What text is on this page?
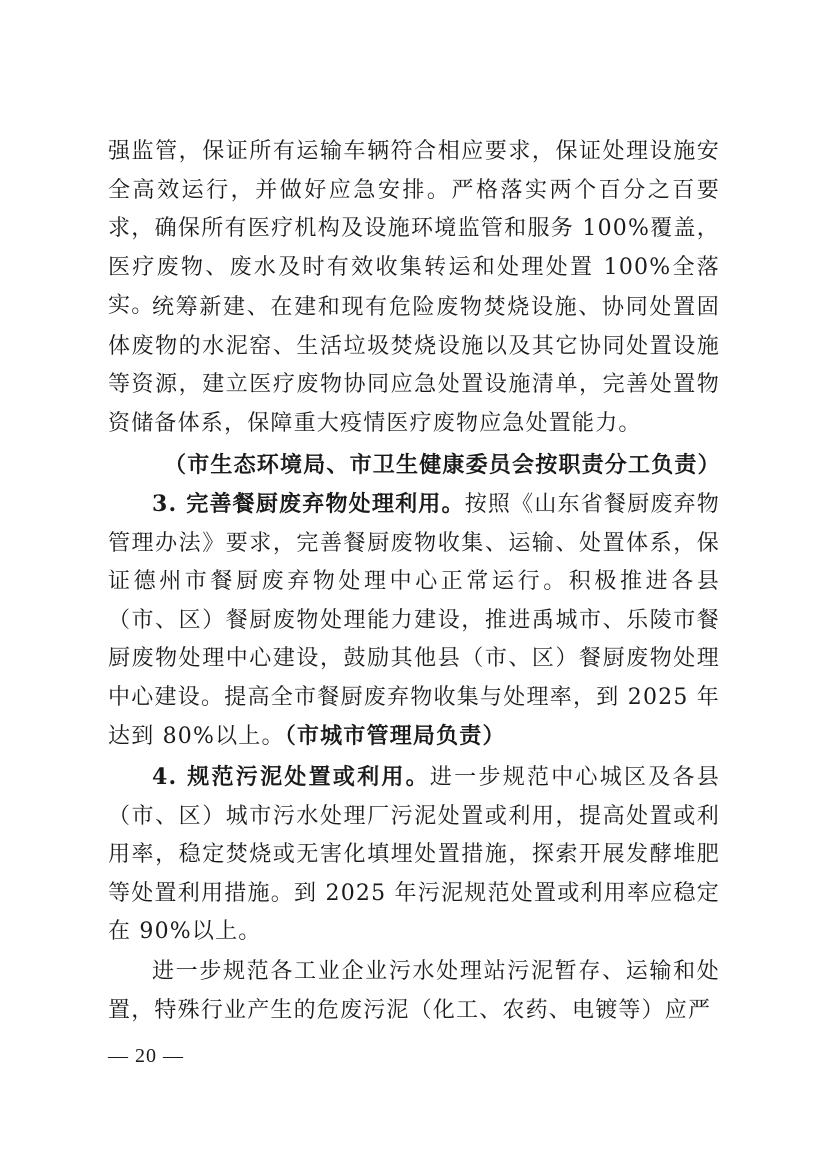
强监管，保证所有运输车辆符合相应要求，保证处理设施安全高效运行，并做好应急安排。严格落实两个百分之百要求，确保所有医疗机构及设施环境监管和服务 100%覆盖，医疗废物、废水及时有效收集转运和处理处置 100%全落实。
统筹新建、在建和现有危险废物焚烧设施、协同处置固体废物的水泥窑、生活垃圾焚烧设施以及其它协同处置设施等资源，建立医疗废物协同应急处置设施清单，完善处置物资储备体系，保障重大疫情医疗废物应急处置能力。
（市生态环境局、市卫生健康委员会按职责分工负责）
3. 完善餐厨废弃物处理利用。按照《山东省餐厨废弃物管理办法》要求，完善餐厨废物收集、运输、处置体系，保证德州市餐厨废弃物处理中心正常运行。积极推进各县（市、区）餐厨废物处理能力建设，推进禹城市、乐陵市餐厨废物处理中心建设，鼓励其他县（市、区）餐厨废物处理中心建设。提高全市餐厨废弃物收集与处理率，到 2025 年达到 80%以上。（市城市管理局负责）
4. 规范污泥处置或利用。进一步规范中心城区及各县（市、区）城市污水处理厂污泥处置或利用，提高处置或利用率，稳定焚烧或无害化填埋处置措施，探索开展发酵堆肥等处置利用措施。到 2025 年污泥规范处置或利用率应稳定在 90%以上。
进一步规范各工业企业污水处理站污泥暂存、运输和处置，特殊行业产生的危废污泥（化工、农药、电镀等）应严
— 20 —
